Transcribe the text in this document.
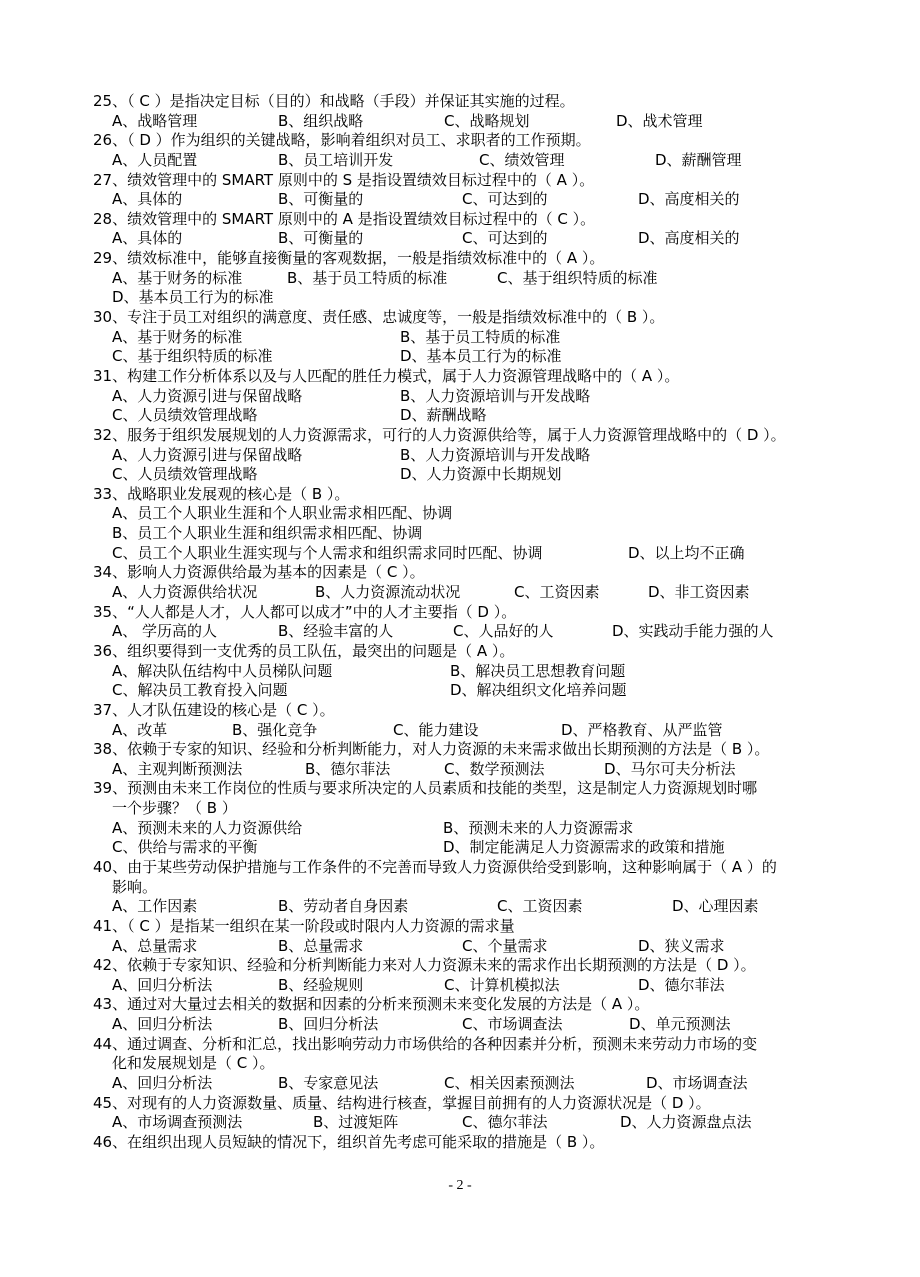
25、（ C ）是指决定目标（目的）和战略（手段）并保证其实施的过程。
A、战略管理	B、组织战略	C、战略规划	D、战术管理
26、（ D ）作为组织的关键战略，影响着组织对员工、求职者的工作预期。
A、人员配置	B、员工培训开发	C、绩效管理	D、薪酬管理
27、绩效管理中的 SMART 原则中的 S 是指设置绩效目标过程中的（ A ）。
A、具体的	B、可衡量的	C、可达到的	D、高度相关的
28、绩效管理中的 SMART 原则中的 A 是指设置绩效目标过程中的（ C ）。
A、具体的	B、可衡量的	C、可达到的	D、高度相关的
29、绩效标准中，能够直接衡量的客观数据，一般是指绩效标准中的（ A ）。
A、基于财务的标准	B、基于员工特质的标准	C、基于组织特质的标准
D、基本员工行为的标准
30、专注于员工对组织的满意度、责任感、忠诚度等，一般是指绩效标准中的（ B ）。
A、基于财务的标准	B、基于员工特质的标准
C、基于组织特质的标准	D、基本员工行为的标准
31、构建工作分析体系以及与人匹配的胜任力模式，属于人力资源管理战略中的（ A ）。
A、人力资源引进与保留战略	B、人力资源培训与开发战略
C、人员绩效管理战略	D、薪酬战略
32、服务于组织发展规划的人力资源需求，可行的人力资源供给等，属于人力资源管理战略中的（ D ）。
A、人力资源引进与保留战略	B、人力资源培训与开发战略
C、人员绩效管理战略	D、人力资源中长期规划
33、战略职业发展观的核心是（ B ）。
A、员工个人职业生涯和个人职业需求相匹配、协调
B、员工个人职业生涯和组织需求相匹配、协调
C、员工个人职业生涯实现与个人需求和组织需求同时匹配、协调	D、以上均不正确
34、影响人力资源供给最为基本的因素是（ C ）。
A、人力资源供给状况	B、人力资源流动状况	C、工资因素	D、非工资因素
35、“人人都是人才，人人都可以成才”中的人才主要指（ D ）。
A、 学历高的人	B、经验丰富的人	C、人品好的人	D、实践动手能力强的人
36、组织要得到一支优秀的员工队伍，最突出的问题是（ A ）。
A、解决队伍结构中人员梯队问题	B、解决员工思想教育问题
C、解决员工教育投入问题	D、解决组织文化培养问题
37、人才队伍建设的核心是（ C ）。
A、改革	B、强化竞争	C、能力建设	D、严格教育、从严监管
38、依赖于专家的知识、经验和分析判断能力，对人力资源的未来需求做出长期预测的方法是（ B ）。
A、主观判断预测法	B、德尔菲法	C、数学预测法	D、马尔可夫分析法
39、预测由未来工作岗位的性质与要求所决定的人员素质和技能的类型，这是制定人力资源规划时哪
一个步骤？（ B ）
A、预测未来的人力资源供给	B、预测未来的人力资源需求
C、供给与需求的平衡	D、制定能满足人力资源需求的政策和措施
40、由于某些劳动保护措施与工作条件的不完善而导致人力资源供给受到影响，这种影响属于（ A ）的
影响。
A、工作因素	B、劳动者自身因素	C、工资因素	D、心理因素
41、（ C ）是指某一组织在某一阶段或时限内人力资源的需求量
A、总量需求	B、总量需求	C、个量需求	D、狭义需求
42、依赖于专家知识、经验和分析判断能力来对人力资源未来的需求作出长期预测的方法是（ D ）。
A、回归分析法	B、经验规则	C、计算机模拟法	D、德尔菲法
43、通过对大量过去相关的数据和因素的分析来预测未来变化发展的方法是（ A ）。
A、回归分析法	B、回归分析法	C、市场调查法	D、单元预测法
44、通过调查、分析和汇总，找出影响劳动力市场供给的各种因素并分析，预测未来劳动力市场的变
化和发展规划是（ C ）。
A、回归分析法	B、专家意见法	C、相关因素预测法	D、市场调查法
45、对现有的人力资源数量、质量、结构进行核查，掌握目前拥有的人力资源状况是（ D ）。
A、市场调查预测法	B、过渡矩阵	C、德尔菲法	D、人力资源盘点法
46、在组织出现人员短缺的情况下，组织首先考虑可能采取的措施是（ B ）。
- 2 -
